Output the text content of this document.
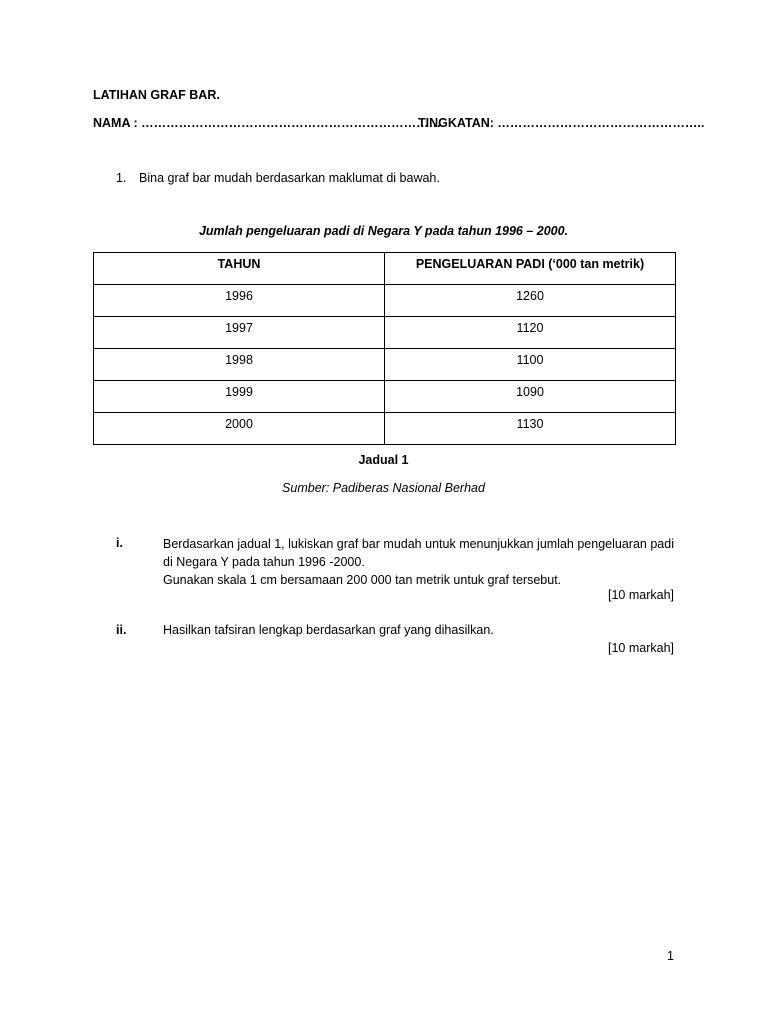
LATIHAN GRAF BAR.
NAMA : ………………………………………………………………
TINGKATAN: …………………………………………..
1. Bina graf bar mudah berdasarkan maklumat di bawah.
Jumlah pengeluaran padi di Negara Y pada tahun 1996 – 2000.
TAHUN	PENGELUARAN PADI (‘000 tan metrik)
1996	1260
1997	1120
1998	1100
1999	1090
2000	1130
Jadual 1
Sumber: Padiberas Nasional Berhad
i.	Berdasarkan jadual 1, lukiskan graf bar mudah untuk menunjukkan jumlah pengeluaran padi di Negara Y pada tahun 1996 -2000.
Gunakan skala 1 cm bersamaan 200 000 tan metrik untuk graf tersebut.
[10 markah]
ii.	Hasilkan tafsiran lengkap berdasarkan graf yang dihasilkan.
[10 markah]
1
